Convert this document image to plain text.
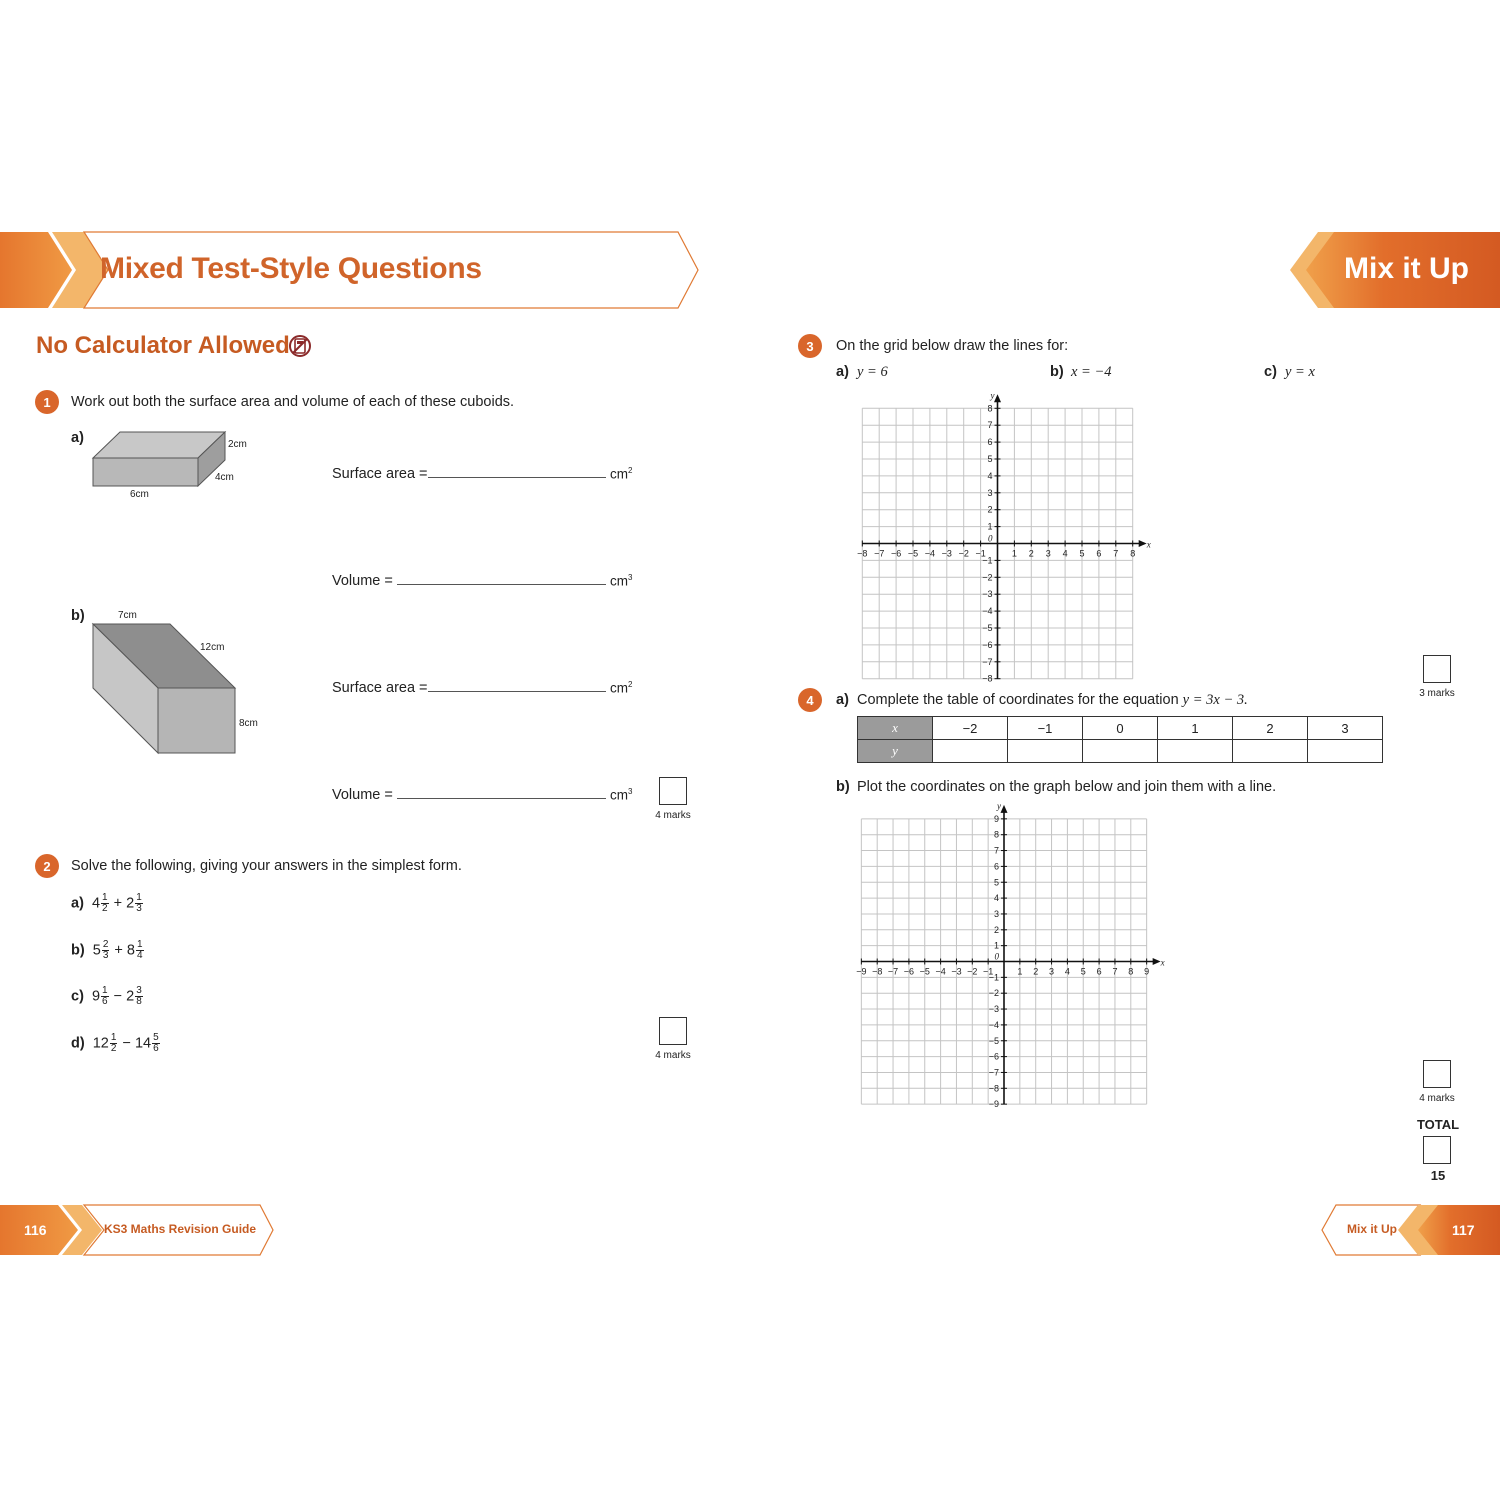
Mixed Test-Style Questions	Mix it Up
No Calculator Allowed
1	Work out both the surface area and volume of each of these cuboids.
a)	2cm
4cm
6cm
Surface area =	$cm^2$
Volume =	$cm^3$
b)	7cm
12cm
8cm
Surface area =	$cm^2$
Volume =	$cm^3$
4 marks
2	Solve the following, giving your answers in the simplest form.
a)  $4 \frac{1}{2} + 2 \frac{1}{3}$
b)  $5 \frac{2}{3} + 8 \frac{1}{4}$
c)  $9 \frac{1}{6} - 2 \frac{3}{8}$
d)  $12 \frac{1}{2} - 14 \frac{5}{6}$
4 marks
3	On the grid below draw the lines for:
a) y = 6	b) x = −4	c) y = x
−8 −7 −6 −5 −4 −3 −2 −1	1 2 3 4 5 6 7 8
−8
−7
−6
−5
−4
−3
−2
−1
1
2
3
4
5
6
7
8
0
x
y
3 marks
4	a) Complete the table of coordinates for the equation y = 3x − 3.
x	−2	−1	0	1	2	3
y						
b) Plot the coordinates on the graph below and join them with a line.
−9 −8 −7 −6 −5 −4 −3 −2 −1	1 2 3 4 5 6 7 8 9
−9
−8
−7
−6
−5
−4
−3
−2
−1
1
2
3
4
5
6
7
8
9
0
x
y
4 marks
TOTAL
15
116	KS3 Maths Revision Guide	Mix it Up	117
